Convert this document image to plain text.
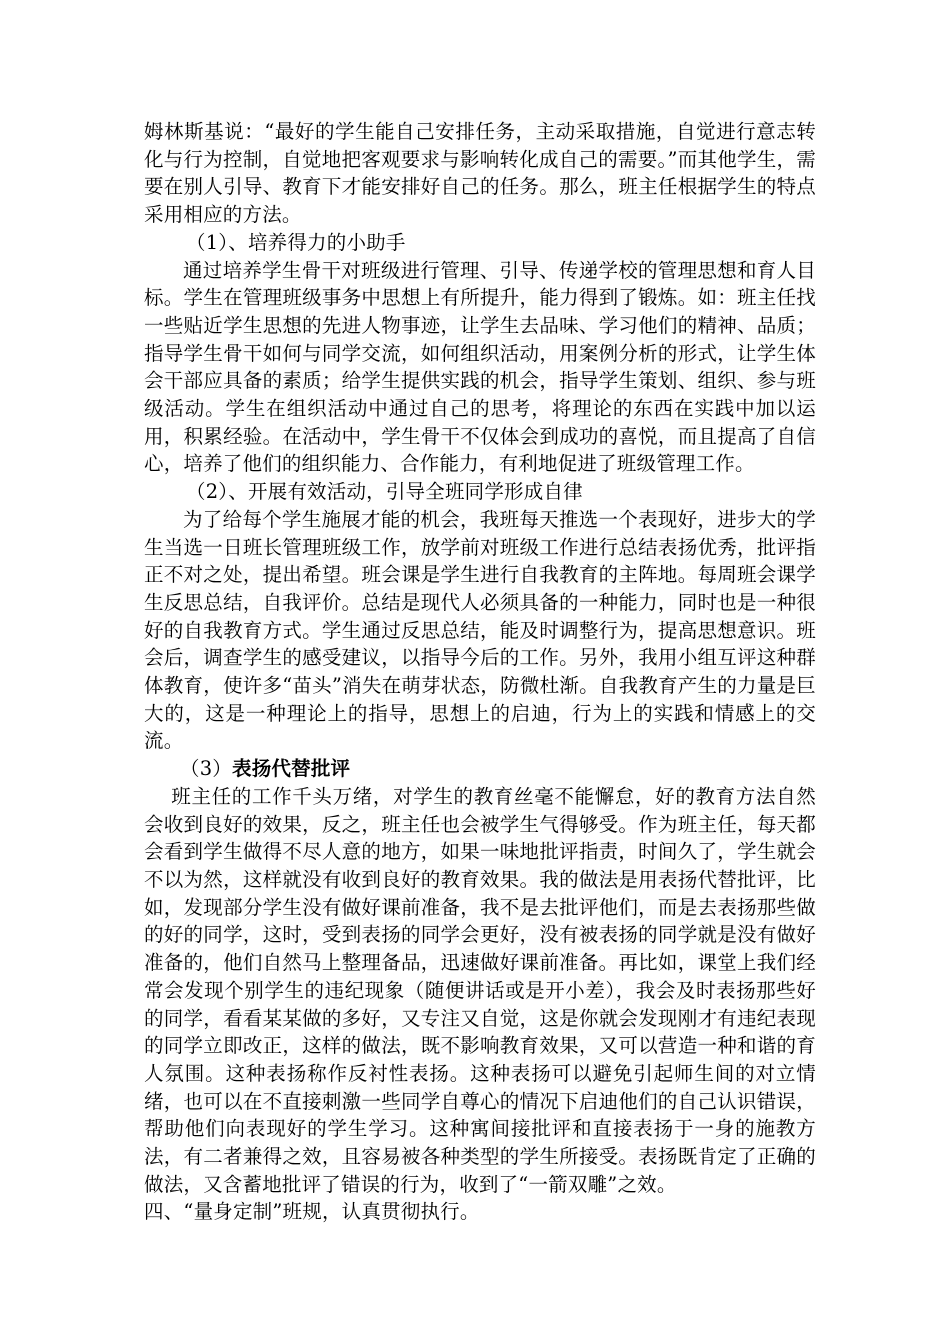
姆林斯基说：“最好的学生能自己安排任务，主动采取措施，自觉进行意志转化与行为控制，自觉地把客观要求与影响转化成自己的需要。”而其他学生，需要在别人引导、教育下才能安排好自己的任务。那么，班主任根据学生的特点采用相应的方法。

（1）、培养得力的小助手

通过培养学生骨干对班级进行管理、引导、传递学校的管理思想和育人目标。学生在管理班级事务中思想上有所提升，能力得到了锻炼。如：班主任找一些贴近学生思想的先进人物事迹，让学生去品味、学习他们的精神、品质；指导学生骨干如何与同学交流，如何组织活动，用案例分析的形式，让学生体会干部应具备的素质；给学生提供实践的机会，指导学生策划、组织、参与班级活动。学生在组织活动中通过自己的思考，将理论的东西在实践中加以运用，积累经验。在活动中，学生骨干不仅体会到成功的喜悦，而且提高了自信心，培养了他们的组织能力、合作能力，有利地促进了班级管理工作。

（2）、开展有效活动，引导全班同学形成自律

为了给每个学生施展才能的机会，我班每天推选一个表现好，进步大的学生当选一日班长管理班级工作，放学前对班级工作进行总结表扬优秀，批评指正不对之处，提出希望。班会课是学生进行自我教育的主阵地。每周班会课学生反思总结，自我评价。总结是现代人必须具备的一种能力，同时也是一种很好的自我教育方式。学生通过反思总结，能及时调整行为，提高思想意识。班会后，调查学生的感受建议，以指导今后的工作。另外，我用小组互评这种群体教育，使许多“苗头”消失在萌芽状态，防微杜渐。自我教育产生的力量是巨大的，这是一种理论上的指导，思想上的启迪，行为上的实践和情感上的交流。

（3）表扬代替批评

班主任的工作千头万绪，对学生的教育丝毫不能懈怠，好的教育方法自然会收到良好的效果，反之，班主任也会被学生气得够受。作为班主任，每天都会看到学生做得不尽人意的地方，如果一味地批评指责，时间久了，学生就会不以为然，这样就没有收到良好的教育效果。我的做法是用表扬代替批评，比如，发现部分学生没有做好课前准备，我不是去批评他们，而是去表扬那些做的好的同学，这时，受到表扬的同学会更好，没有被表扬的同学就是没有做好准备的，他们自然马上整理备品，迅速做好课前准备。再比如，课堂上我们经常会发现个别学生的违纪现象（随便讲话或是开小差），我会及时表扬那些好的同学，看看某某做的多好，又专注又自觉，这是你就会发现刚才有违纪表现的同学立即改正，这样的做法，既不影响教育效果，又可以营造一种和谐的育人氛围。这种表扬称作反衬性表扬。这种表扬可以避免引起师生间的对立情绪，也可以在不直接刺激一些同学自尊心的情况下启迪他们的自己认识错误，帮助他们向表现好的学生学习。这种寓间接批评和直接表扬于一身的施教方法，有二者兼得之效，且容易被各种类型的学生所接受。表扬既肯定了正确的做法，又含蓄地批评了错误的行为，收到了“一箭双雕”之效。

四、“量身定制”班规，认真贯彻执行。
